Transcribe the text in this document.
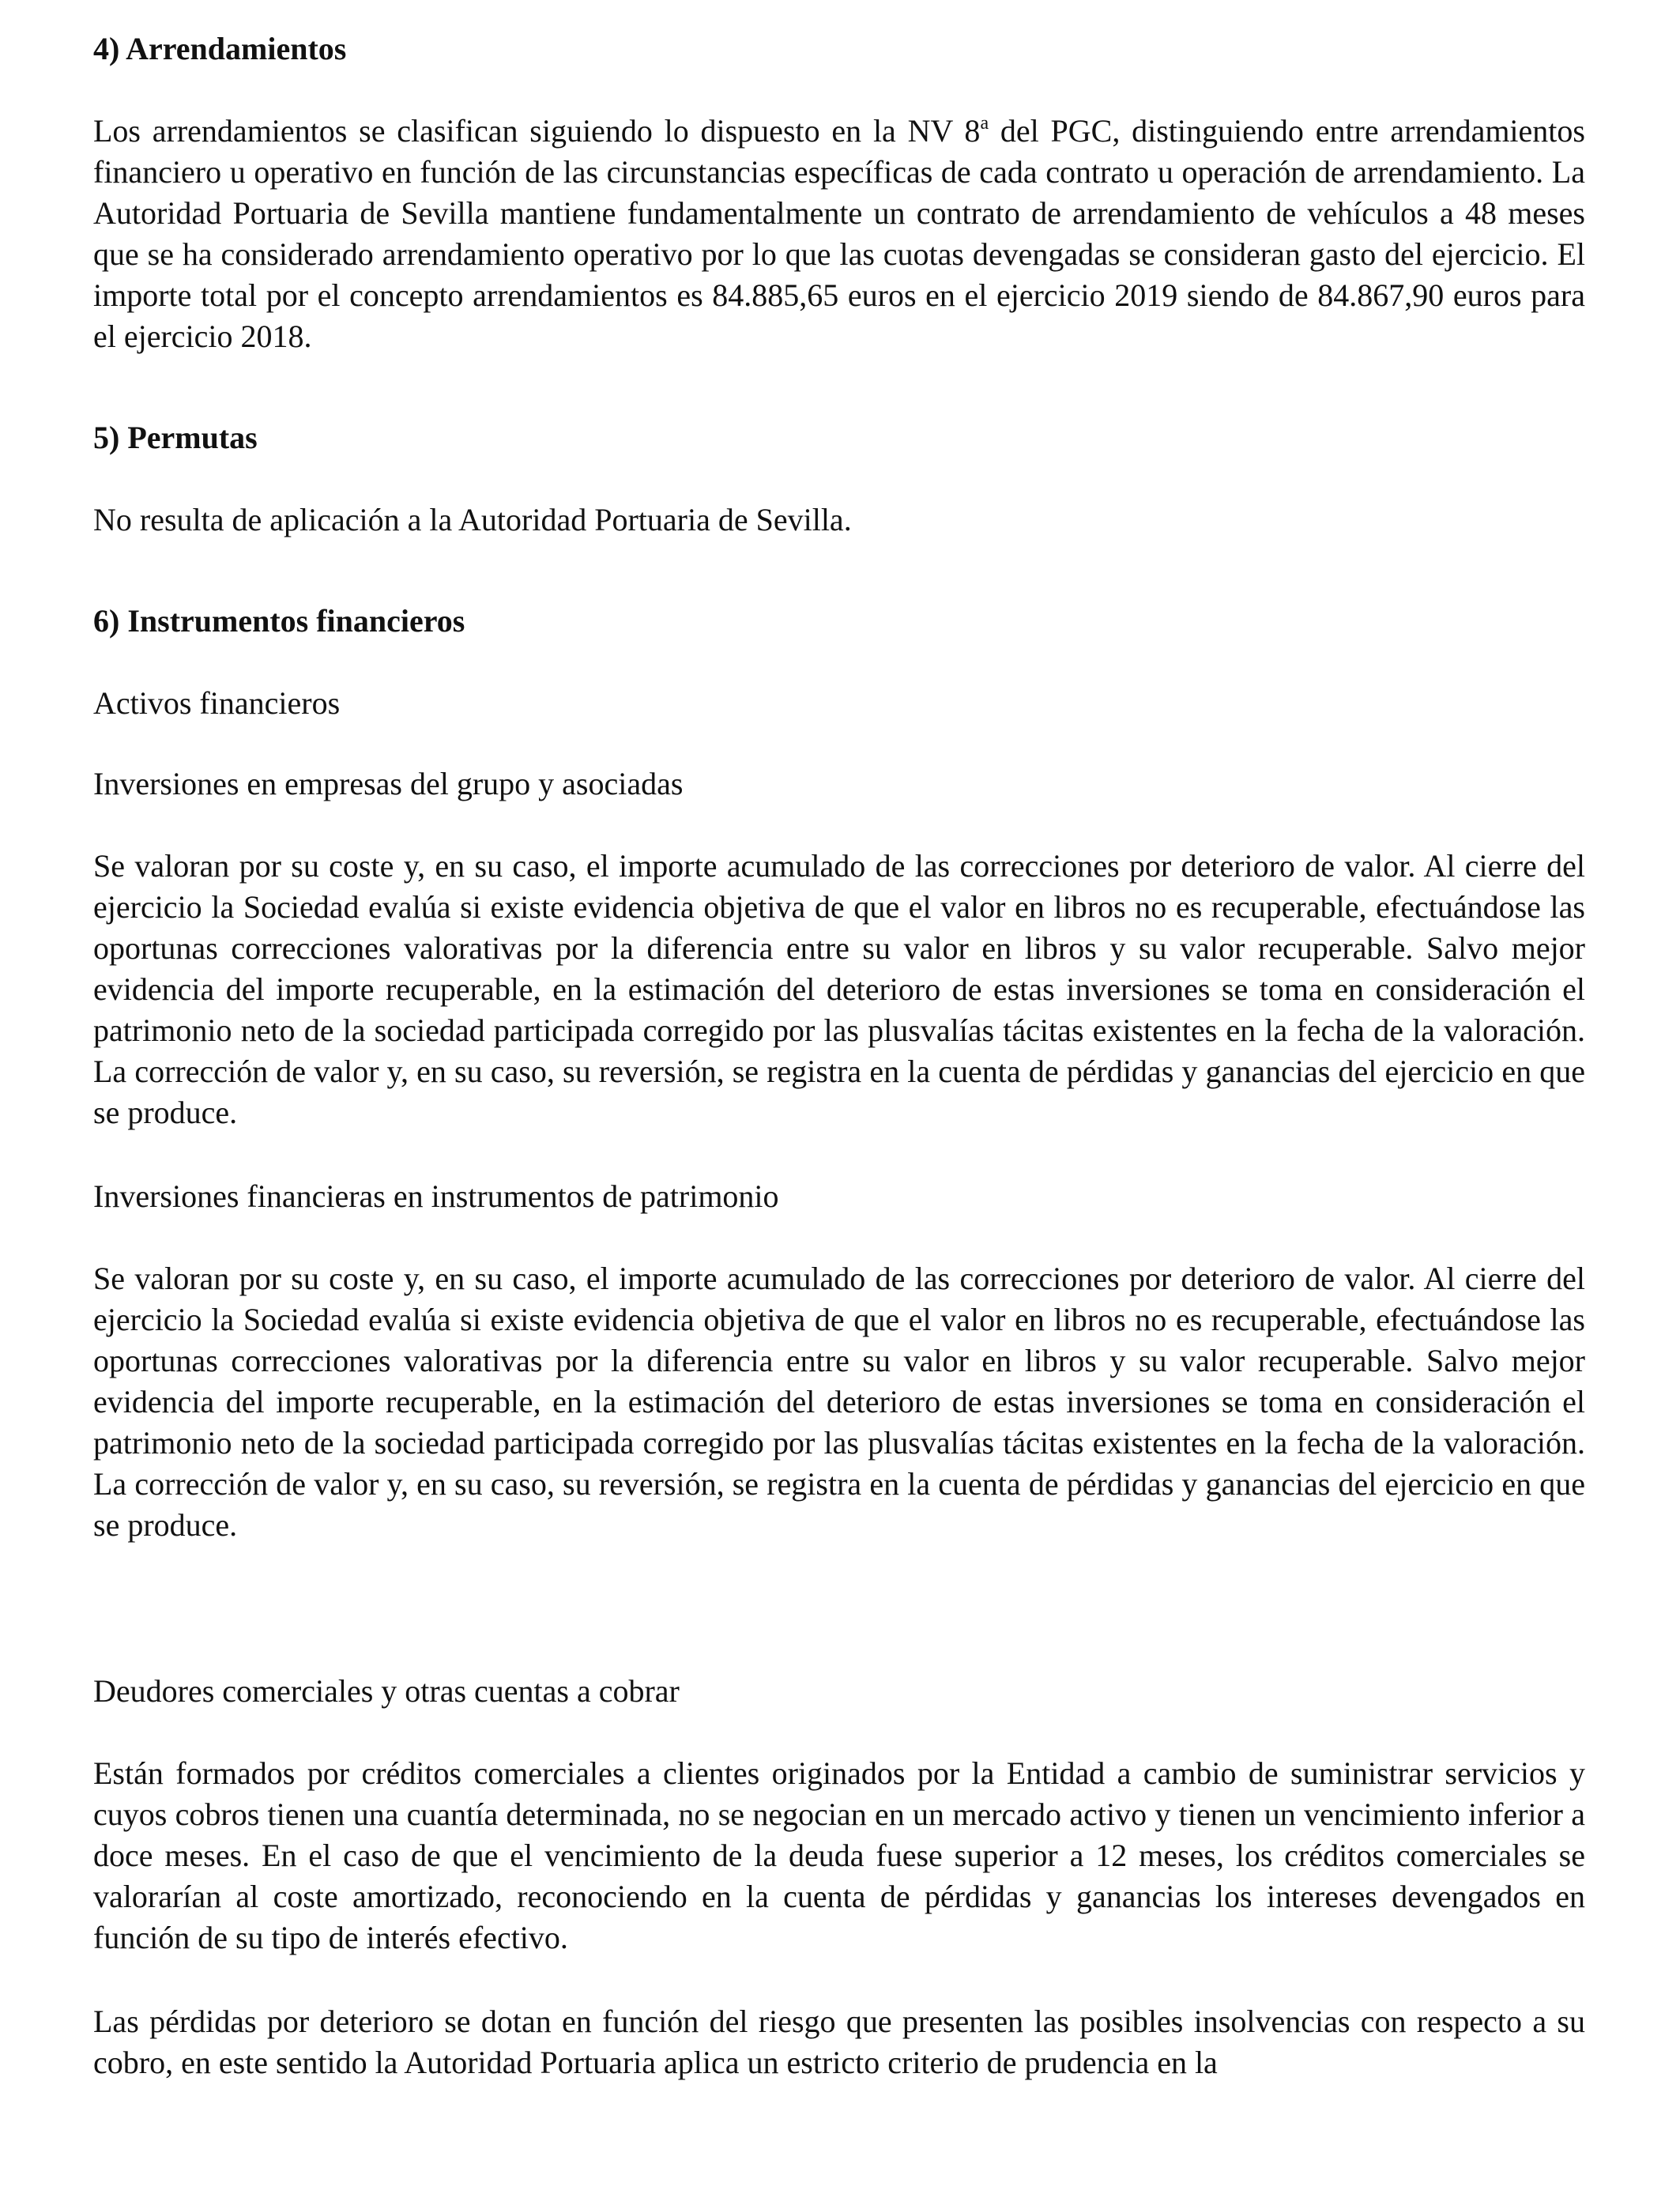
4) Arrendamientos

Los arrendamientos se clasifican siguiendo lo dispuesto en la NV 8$^a$ del PGC, distinguiendo entre arrendamientos financiero u operativo en función de las circunstancias específicas de cada contrato u operación de arrendamiento. La Autoridad Portuaria de Sevilla mantiene fundamentalmente un contrato de arrendamiento de vehículos a 48 meses que se ha considerado arrendamiento operativo por lo que las cuotas devengadas se consideran gasto del ejercicio. El importe total por el concepto arrendamientos es 84.885,65 euros en el ejercicio 2019 siendo de 84.867,90 euros para el ejercicio 2018.

5) Permutas

No resulta de aplicación a la Autoridad Portuaria de Sevilla.

6) Instrumentos financieros

Activos financieros

Inversiones en empresas del grupo y asociadas

Se valoran por su coste y, en su caso, el importe acumulado de las correcciones por deterioro de valor. Al cierre del ejercicio la Sociedad evalúa si existe evidencia objetiva de que el valor en libros no es recuperable, efectuándose las oportunas correcciones valorativas por la diferencia entre su valor en libros y su valor recuperable. Salvo mejor evidencia del importe recuperable, en la estimación del deterioro de estas inversiones se toma en consideración el patrimonio neto de la sociedad participada corregido por las plusvalías tácitas existentes en la fecha de la valoración. La corrección de valor y, en su caso, su reversión, se registra en la cuenta de pérdidas y ganancias del ejercicio en que se produce.

Inversiones financieras en instrumentos de patrimonio

Se valoran por su coste y, en su caso, el importe acumulado de las correcciones por deterioro de valor. Al cierre del ejercicio la Sociedad evalúa si existe evidencia objetiva de que el valor en libros no es recuperable, efectuándose las oportunas correcciones valorativas por la diferencia entre su valor en libros y su valor recuperable. Salvo mejor evidencia del importe recuperable, en la estimación del deterioro de estas inversiones se toma en consideración el patrimonio neto de la sociedad participada corregido por las plusvalías tácitas existentes en la fecha de la valoración. La corrección de valor y, en su caso, su reversión, se registra en la cuenta de pérdidas y ganancias del ejercicio en que se produce.

Deudores comerciales y otras cuentas a cobrar

Están formados por créditos comerciales a clientes originados por la Entidad a cambio de suministrar servicios y cuyos cobros tienen una cuantía determinada, no se negocian en un mercado activo y tienen un vencimiento inferior a doce meses. En el caso de que el vencimiento de la deuda fuese superior a 12 meses, los créditos comerciales se valorarían al coste amortizado, reconociendo en la cuenta de pérdidas y ganancias los intereses devengados en función de su tipo de interés efectivo.

Las pérdidas por deterioro se dotan en función del riesgo que presenten las posibles insolvencias con respecto a su cobro, en este sentido la Autoridad Portuaria aplica un estricto criterio de prudencia en la
